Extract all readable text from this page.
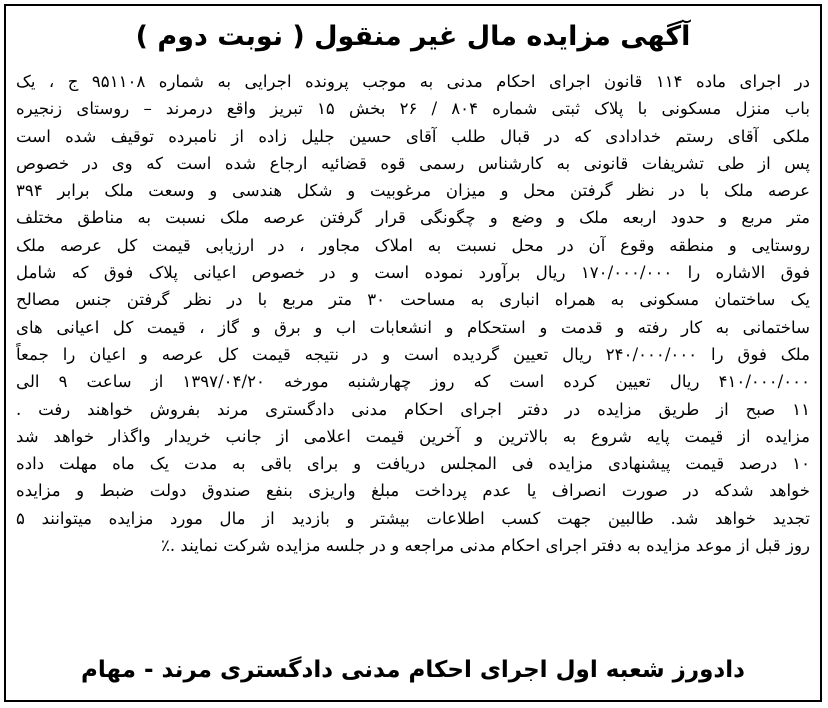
آگهی مزایده مال غیر منقول ( نوبت دوم )
در اجرای ماده ۱۱۴ قانون اجرای احکام مدنی به موجب پرونده اجرایی به شماره ۹۵۱۱۰۸ ج ، یک
باب منزل مسکونی با پلاک ثبتی شماره ۸۰۴ / ۲۶ بخش ۱۵ تبریز واقع درمرند – روستای زنجیره
ملکی آقای رستم خدادادی که در قبال طلب آقای حسین جلیل زاده از نامبرده توقیف شده است
پس از طی تشریفات قانونی به کارشناس رسمی قوه قضائیه ارجاع شده است که وی در خصوص
عرصه ملک با در نظر گرفتن محل و میزان مرغوبیت و شکل هندسی و وسعت ملک برابر ۳۹۴
متر مربع و حدود اربعه ملک و وضع و چگونگی قرار گرفتن عرصه ملک نسبت به مناطق مختلف
روستایی و منطقه وقوع آن در محل نسبت به املاک مجاور ، در ارزیابی قیمت کل عرصه ملک
فوق الاشاره را ۱۷۰/۰۰۰/۰۰۰ ریال برآورد نموده است و در خصوص اعیانی پلاک فوق که شامل
یک ساختمان مسکونی به همراه انباری به مساحت ۳۰ متر مربع با در نظر گرفتن جنس مصالح
ساختمانی به کار رفته و قدمت و استحکام و انشعابات اب و برق و گاز ، قیمت کل اعیانی های
ملک فوق را ۲۴۰/۰۰۰/۰۰۰ ریال تعیین گردیده است و در نتیجه قیمت کل عرصه و اعیان را جمعاً
۴۱۰/۰۰۰/۰۰۰ ریال تعیین کرده است که روز چهارشنبه مورخه ۱۳۹۷/۰۴/۲۰ از ساعت ۹ الی
۱۱ صبح از طریق مزایده در دفتر اجرای احکام مدنی دادگستری مرند بفروش خواهند رفت .
مزایده از قیمت پایه شروع به بالاترین و آخرین قیمت اعلامی از جانب خریدار واگذار خواهد شد
۱۰ درصد قیمت پیشنهادی مزایده فی المجلس دریافت و برای باقی به مدت یک ماه مهلت داده
خواهد شدکه در صورت انصراف یا عدم پرداخت مبلغ واریزی بنفع صندوق دولت ضبط و مزایده
تجدید خواهد شد. طالبین جهت کسب اطلاعات بیشتر و بازدید از مال مورد مزایده میتوانند ۵
روز قبل از موعد مزایده به دفتر اجرای احکام مدنی مراجعه و در جلسه مزایده شرکت نمایند .٪
دادورز شعبه اول اجرای احکام مدنی دادگستری مرند - مهام
